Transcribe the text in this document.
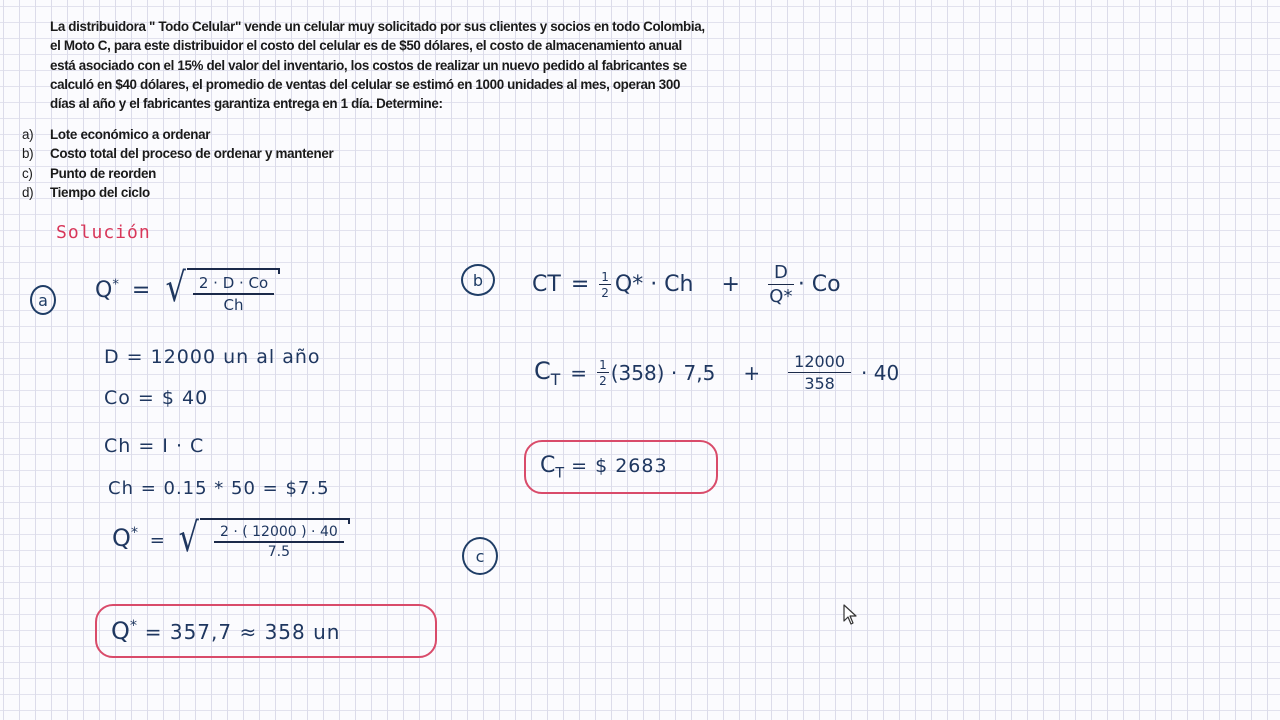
La distribuidora " Todo Celular" vende un celular muy solicitado por sus clientes y socios en todo Colombia,
el Moto C, para este distribuidor el costo del celular es de $50 dólares, el costo de almacenamiento anual
está asociado con el 15% del valor del inventario, los costos de realizar un nuevo pedido al fabricantes se
calculó en $40 dólares, el promedio de ventas del celular se estimó en 1000 unidades al mes, operan 300
días al año y el fabricantes garantiza entrega en 1 día. Determine:
a)	Lote económico a ordenar
b)	Costo total del proceso de ordenar y mantener
c)	Punto de reorden
d)	Tiempo del ciclo
Solución
a Q* = √ $\frac{2 \cdot D \cdot Co}{Ch}$
D = 12000 un al año
Co = $ 40
Ch = I · C
Ch = 0.15 * 50 = $7.5
Q* = √ $\frac{2 \cdot ( 12000 ) \cdot 40}{7.5}$
Q* = 357,7 ≈ 358 un
b CT = $\frac{1}{2} Q* \cdot Ch + \frac{D}{Q*} \cdot Co$
$C_T = \frac{1}{2} (358) \cdot 7,5 + \frac{12000}{358} \cdot 40$
$C_T$ = $ 2683
c
